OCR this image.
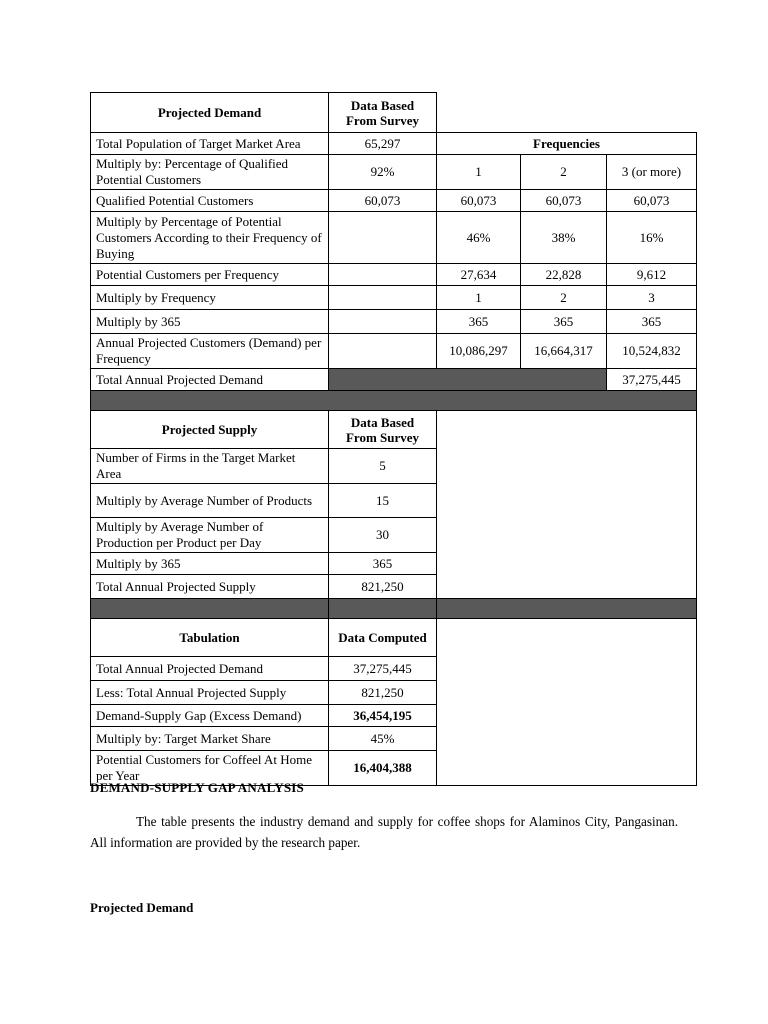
Projected Demand	Data Based From Survey			
Total Population of Target Market Area	65,297	Frequencies		
Multiply by: Percentage of Qualified Potential Customers	92%	1	2	3 (or more)
Qualified Potential Customers	60,073	60,073	60,073	60,073
Multiply by Percentage of Potential Customers According to their Frequency of Buying		46%	38%	16%
Potential Customers per Frequency		27,634	22,828	9,612
Multiply by Frequency		1	2	3
Multiply by 365		365	365	365
Annual Projected Customers (Demand) per Frequency		10,086,297	16,664,317	10,524,832
Total Annual Projected Demand				37,275,445

Projected Supply	Data Based From Survey			
Number of Firms in the Target Market Area	5			
Multiply by Average Number of Products	15			
Multiply by Average Number of Production per Product per Day	30			
Multiply by 365	365			
Total Annual Projected Supply	821,250			

Tabulation	Data Computed			
Total Annual Projected Demand	37,275,445			
Less: Total Annual Projected Supply	821,250			
Demand-Supply Gap (Excess Demand)	36,454,195			
Multiply by: Target Market Share	45%			
Potential Customers for Coffeel At Home per Year	16,404,388			
DEMAND-SUPPLY GAP ANALYSIS
The table presents the industry demand and supply for coffee shops for Alaminos City, Pangasinan. All information are provided by the research paper.
Projected Demand
